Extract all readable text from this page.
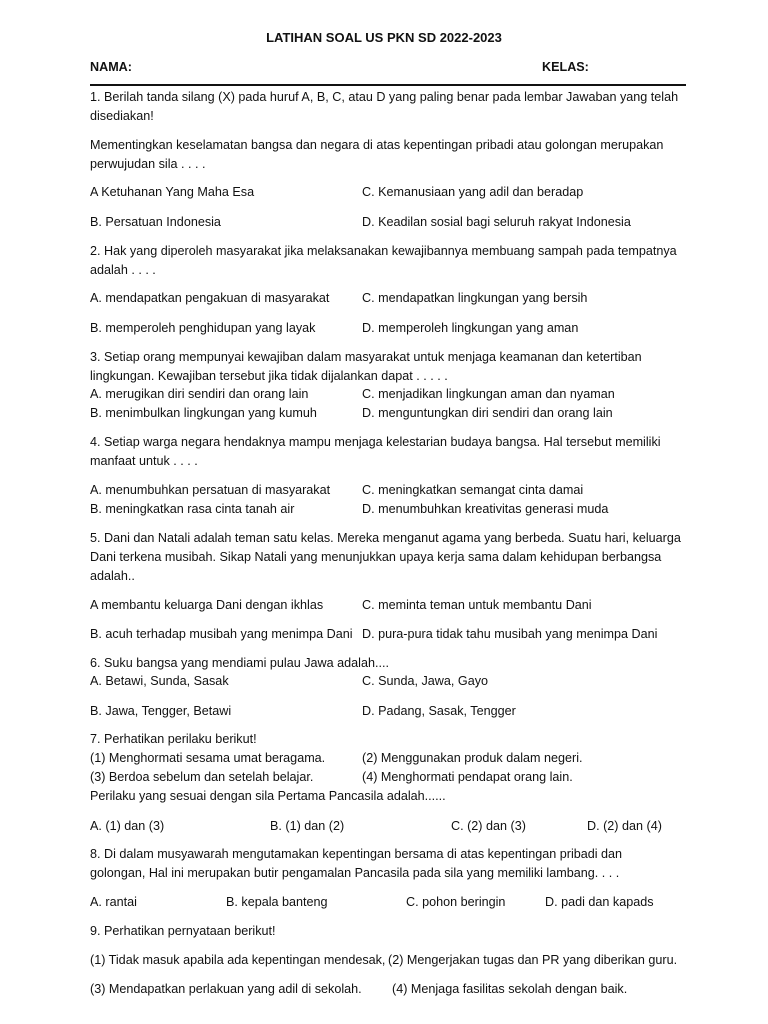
LATIHAN SOAL US PKN SD 2022-2023
NAMA:	KELAS:
1. Berilah tanda silang (X) pada huruf A, B, C, atau D yang paling benar pada lembar Jawaban yang telah
disediakan!
Mementingkan keselamatan bangsa dan negara di atas kepentingan pribadi atau golongan merupakan
perwujudan sila . . . .
A Ketuhanan Yang Maha Esa	C. Kemanusiaan yang adil dan beradap
B. Persatuan Indonesia	D. Keadilan sosial bagi seluruh rakyat Indonesia
2. Hak yang diperoleh masyarakat jika melaksanakan kewajibannya membuang sampah pada tempatnya
adalah . . . .
A. mendapatkan pengakuan di masyarakat	C. mendapatkan lingkungan yang bersih
B. memperoleh penghidupan yang layak	D. memperoleh lingkungan yang aman
3. Setiap orang mempunyai kewajiban dalam masyarakat untuk menjaga keamanan dan ketertiban
lingkungan. Kewajiban tersebut jika tidak dijalankan dapat . . . . .
A. merugikan diri sendiri dan orang lain	C. menjadikan lingkungan aman dan nyaman
B. menimbulkan lingkungan yang kumuh	D. menguntungkan diri sendiri dan orang lain
4. Setiap warga negara hendaknya mampu menjaga kelestarian budaya bangsa. Hal tersebut memiliki
manfaat untuk . . . .
A. menumbuhkan persatuan di masyarakat	C. meningkatkan semangat cinta damai
B. meningkatkan rasa cinta tanah air	D. menumbuhkan kreativitas generasi muda
5. Dani dan Natali adalah teman satu kelas. Mereka menganut agama yang berbeda. Suatu hari, keluarga
Dani terkena musibah. Sikap Natali yang menunjukkan upaya kerja sama dalam kehidupan berbangsa
adalah..
A membantu keluarga Dani dengan ikhlas	C. meminta teman untuk membantu Dani
B. acuh terhadap musibah yang menimpa Dani D. pura-pura tidak tahu musibah yang menimpa Dani
6. Suku bangsa yang mendiami pulau Jawa adalah....
A. Betawi, Sunda, Sasak	C. Sunda, Jawa, Gayo
B. Jawa, Tengger, Betawi	D. Padang, Sasak, Tengger
7. Perhatikan perilaku berikut!
(1) Menghormati sesama umat beragama.	(2) Menggunakan produk dalam negeri.
(3) Berdoa sebelum dan setelah belajar.	(4) Menghormati pendapat orang lain.
Perilaku yang sesuai dengan sila Pertama Pancasila adalah......
A. (1) dan (3)	B. (1) dan (2)	C. (2) dan (3)	D. (2) dan (4)
8. Di dalam musyawarah mengutamakan kepentingan bersama di atas kepentingan pribadi dan
golongan, Hal ini merupakan butir pengamalan Pancasila pada sila yang memiliki lambang. . . .
A. rantai	B. kepala banteng	C. pohon beringin	D. padi dan kapads
9. Perhatikan pernyataan berikut!
(1) Tidak masuk apabila ada kepentingan mendesak, (2) Mengerjakan tugas dan PR yang diberikan guru.
(3) Mendapatkan perlakuan yang adil di sekolah. (4) Menjaga fasilitas sekolah dengan baik.
